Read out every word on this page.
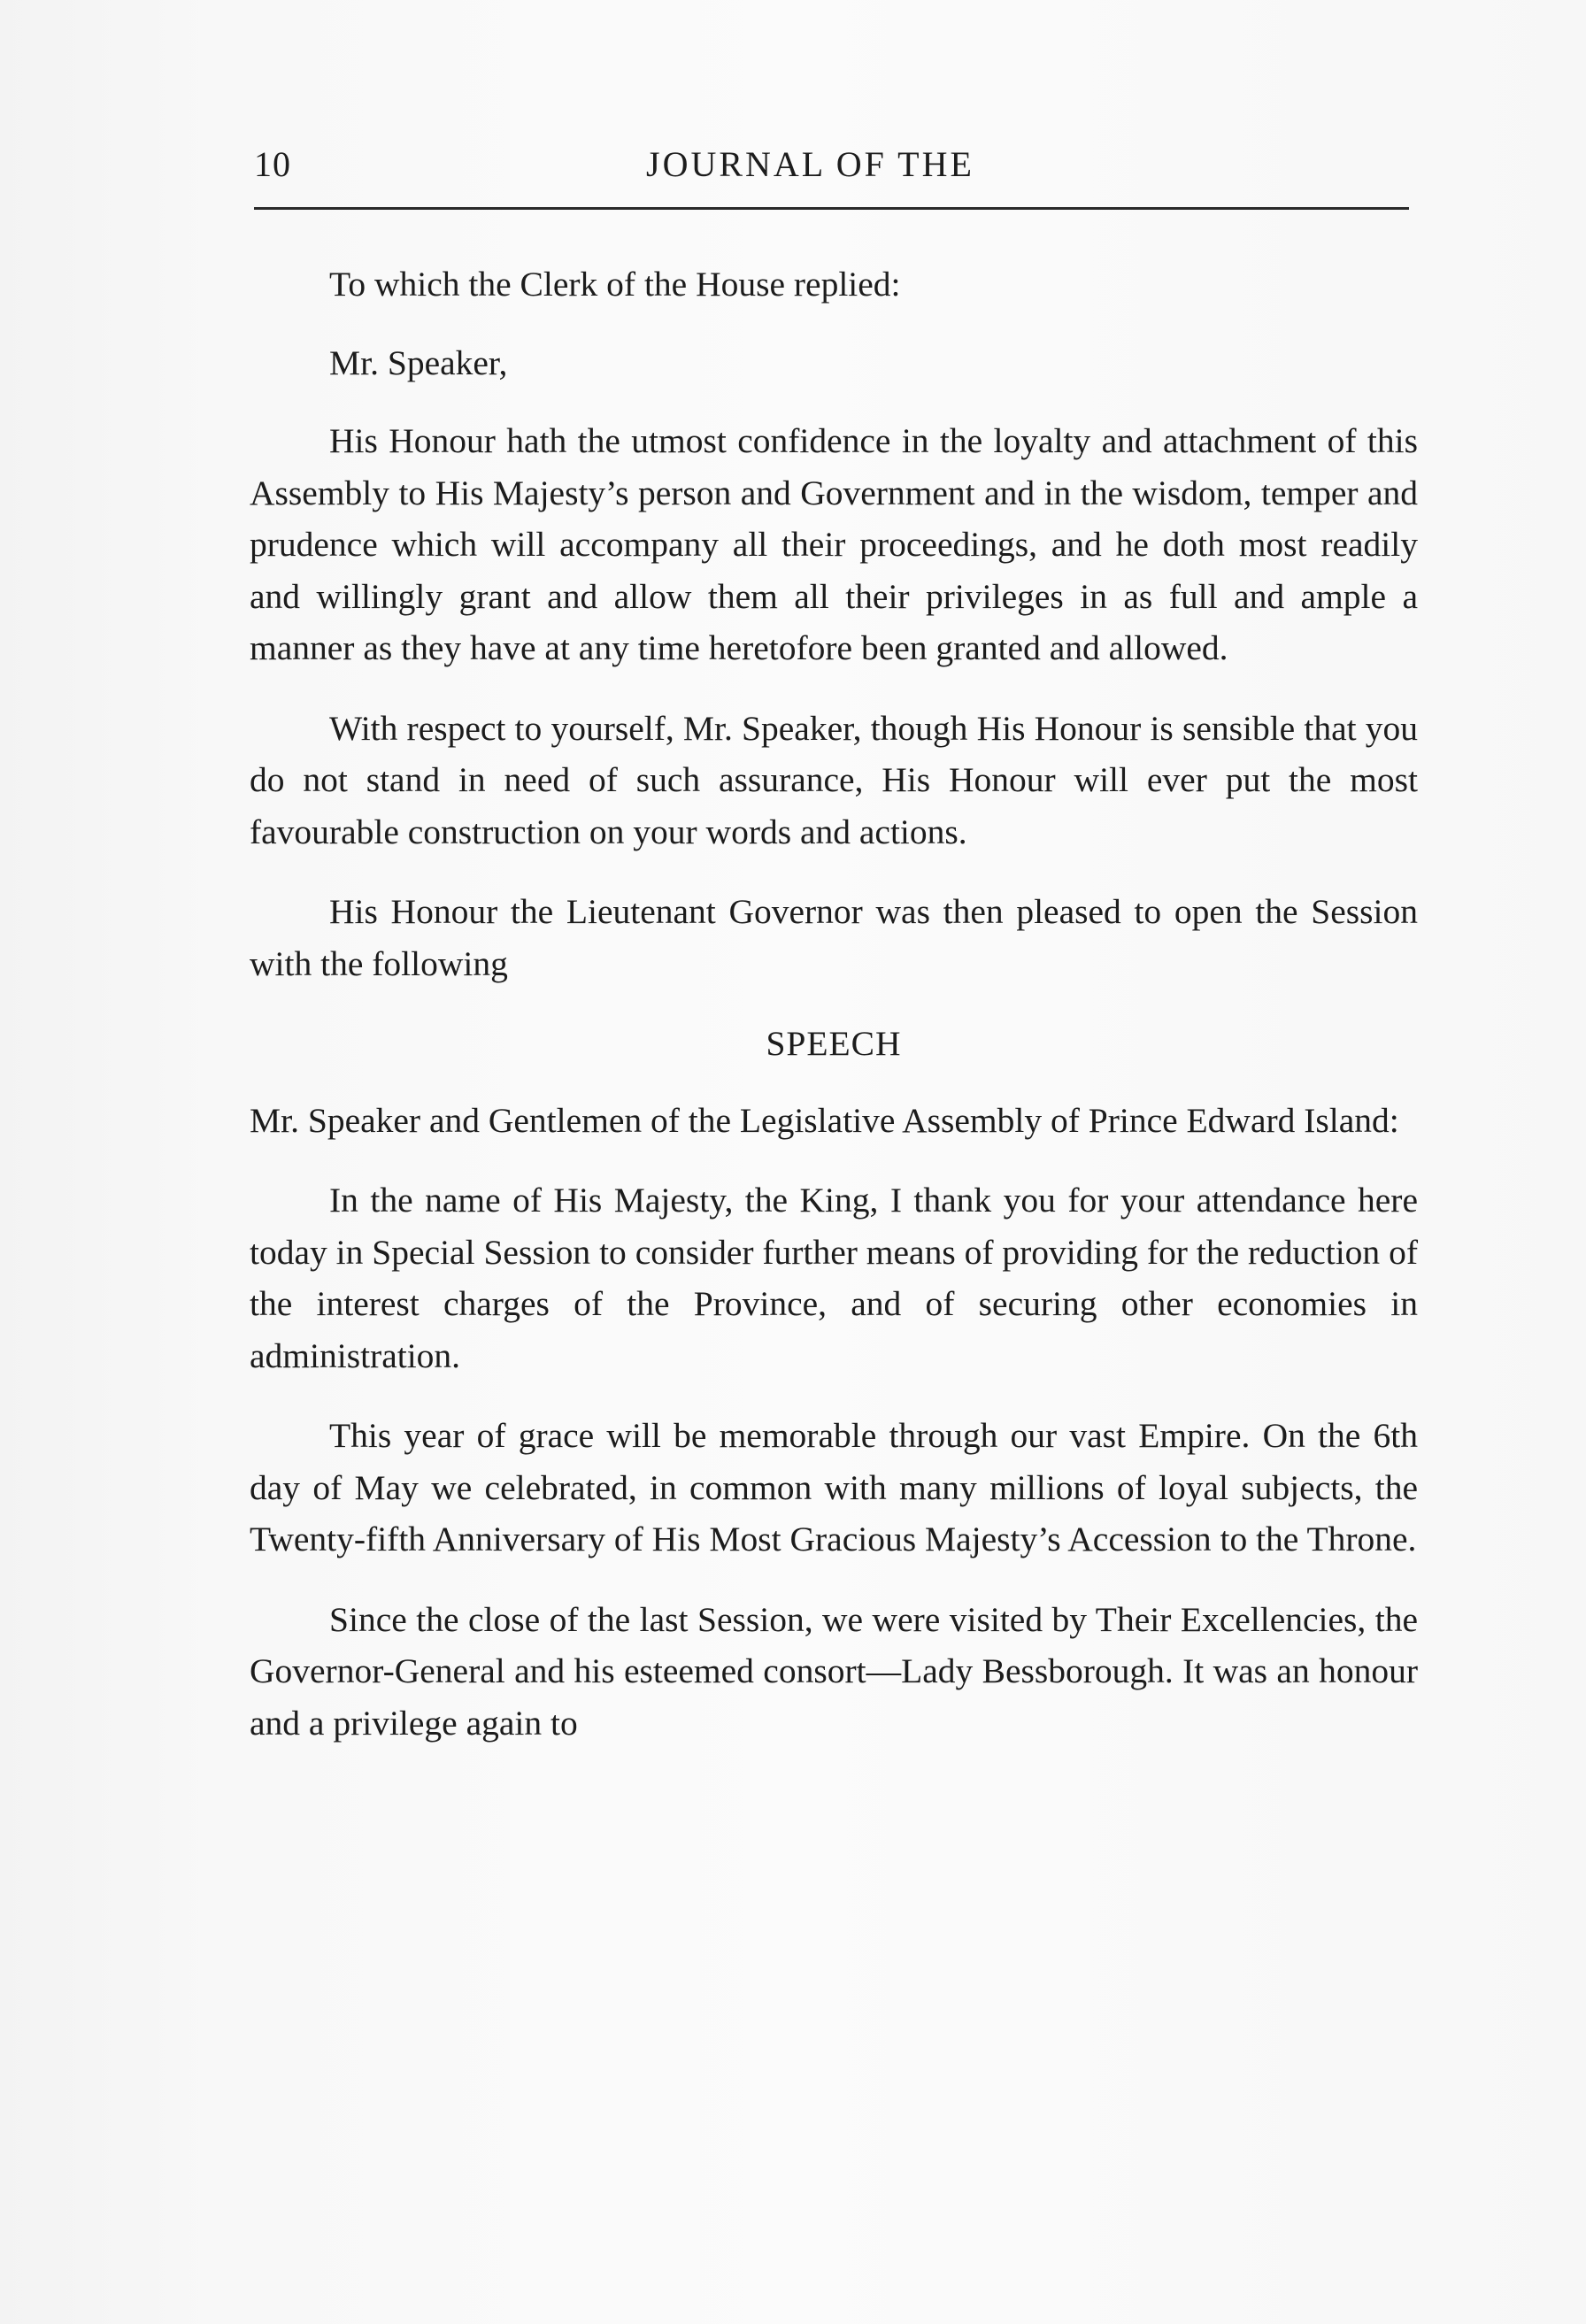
10	JOURNAL OF THE

To which the Clerk of the House replied:

Mr. Speaker,

His Honour hath the utmost confidence in the loyalty and attachment of this Assembly to His Majesty’s person and Government and in the wisdom, temper and prudence which will accompany all their proceedings, and he doth most readily and willingly grant and allow them all their privileges in as full and ample a manner as they have at any time heretofore been granted and allowed.

With respect to yourself, Mr. Speaker, though His Honour is sensible that you do not stand in need of such assurance, His Honour will ever put the most favourable construction on your words and actions.

His Honour the Lieutenant Governor was then pleased to open the Session with the following

SPEECH

Mr. Speaker and Gentlemen of the Legislative Assembly of Prince Edward Island:

In the name of His Majesty, the King, I thank you for your attendance here today in Special Session to consider further means of providing for the reduction of the interest charges of the Province, and of securing other economies in administration.

This year of grace will be memorable through our vast Empire. On the 6th day of May we celebrated, in common with many millions of loyal subjects, the Twenty-fifth Anniversary of His Most Gracious Majesty’s Accession to the Throne.

Since the close of the last Session, we were visited by Their Excellencies, the Governor-General and his esteemed consort—Lady Bessborough. It was an honour and a privilege again to
